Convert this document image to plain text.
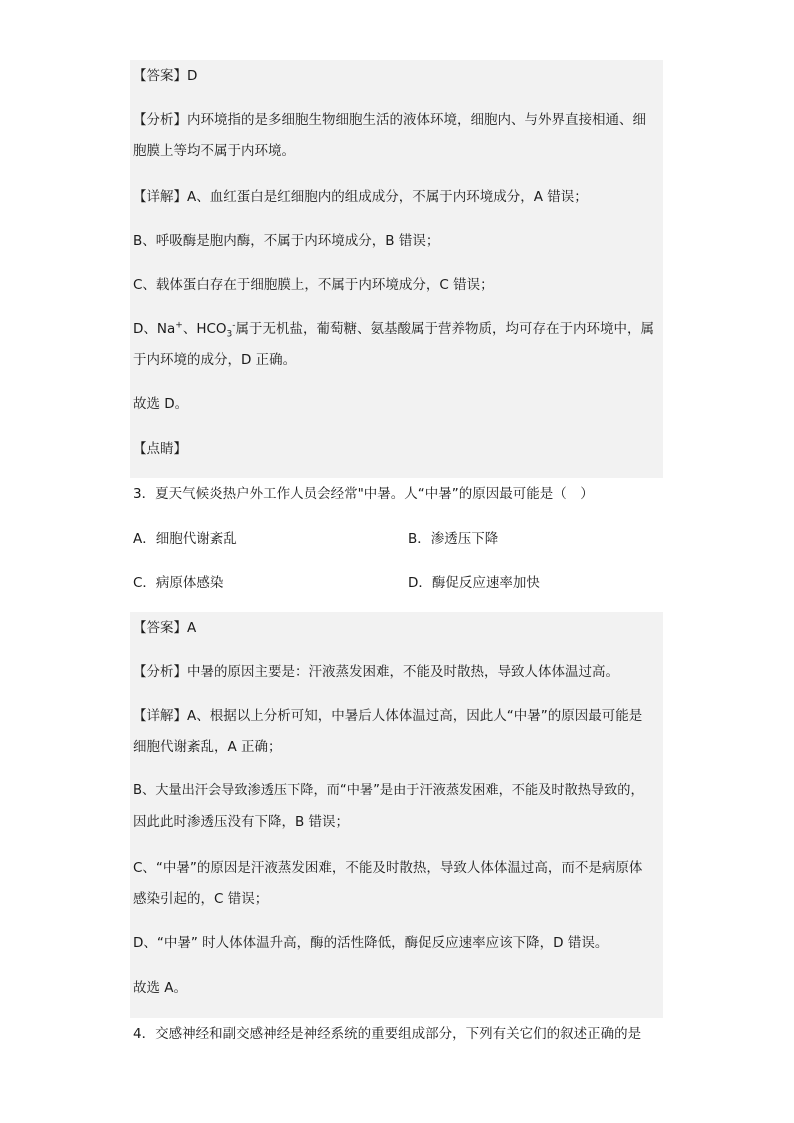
【答案】D
【分析】内环境指的是多细胞生物细胞生活的液体环境，细胞内、与外界直接相通、细
胞膜上等均不属于内环境。
【详解】A、血红蛋白是红细胞内的组成成分，不属于内环境成分，A 错误；
B、呼吸酶是胞内酶，不属于内环境成分，B 错误；
C、载体蛋白存在于细胞膜上，不属于内环境成分，C 错误；
D、Na+、$HCO_3^-$属于无机盐，葡萄糖、氨基酸属于营养物质，均可存在于内环境中，属
于内环境的成分，D 正确。
故选 D。
【点睛】
3．夏天气候炎热户外工作人员会经常"中暑。人“中暑”的原因最可能是（　）
A．细胞代谢紊乱	B．渗透压下降
C．病原体感染	D．酶促反应速率加快
【答案】A
【分析】中暑的原因主要是：汗液蒸发困难，不能及时散热，导致人体体温过高。
【详解】A、根据以上分析可知，中暑后人体体温过高，因此人“中暑”的原因最可能是
细胞代谢紊乱，A 正确；
B、大量出汗会导致渗透压下降，而“中暑”是由于汗液蒸发困难，不能及时散热导致的，
因此此时渗透压没有下降，B 错误；
C、“中暑”的原因是汗液蒸发困难，不能及时散热，导致人体体温过高，而不是病原体
感染引起的，C 错误；
D、“中暑” 时人体体温升高，酶的活性降低，酶促反应速率应该下降，D 错误。
故选 A。
4．交感神经和副交感神经是神经系统的重要组成部分，下列有关它们的叙述正确的是
